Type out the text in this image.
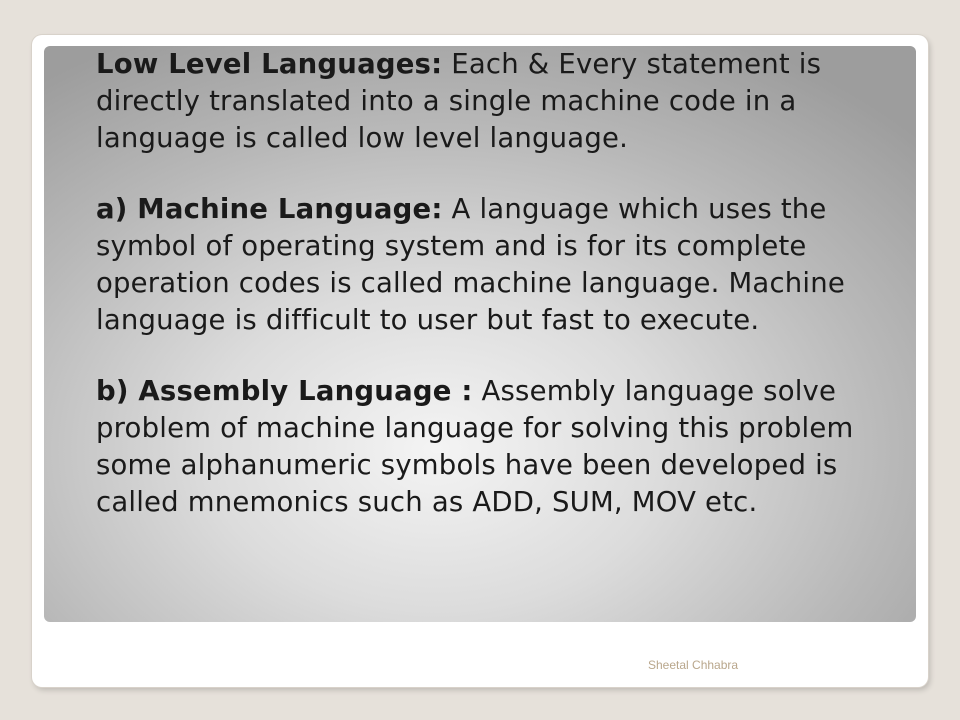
Low Level Languages: Each & Every statement is directly translated into a single machine code in a language is called low level language.

a) Machine Language: A language which uses the symbol of operating system and is for its complete operation codes is called machine language. Machine language is difficult to user but fast to execute.

b) Assembly Language : Assembly language solve problem of machine language for solving this problem some alphanumeric symbols have been developed is called mnemonics such as ADD, SUM, MOV etc.

Sheetal Chhabra
